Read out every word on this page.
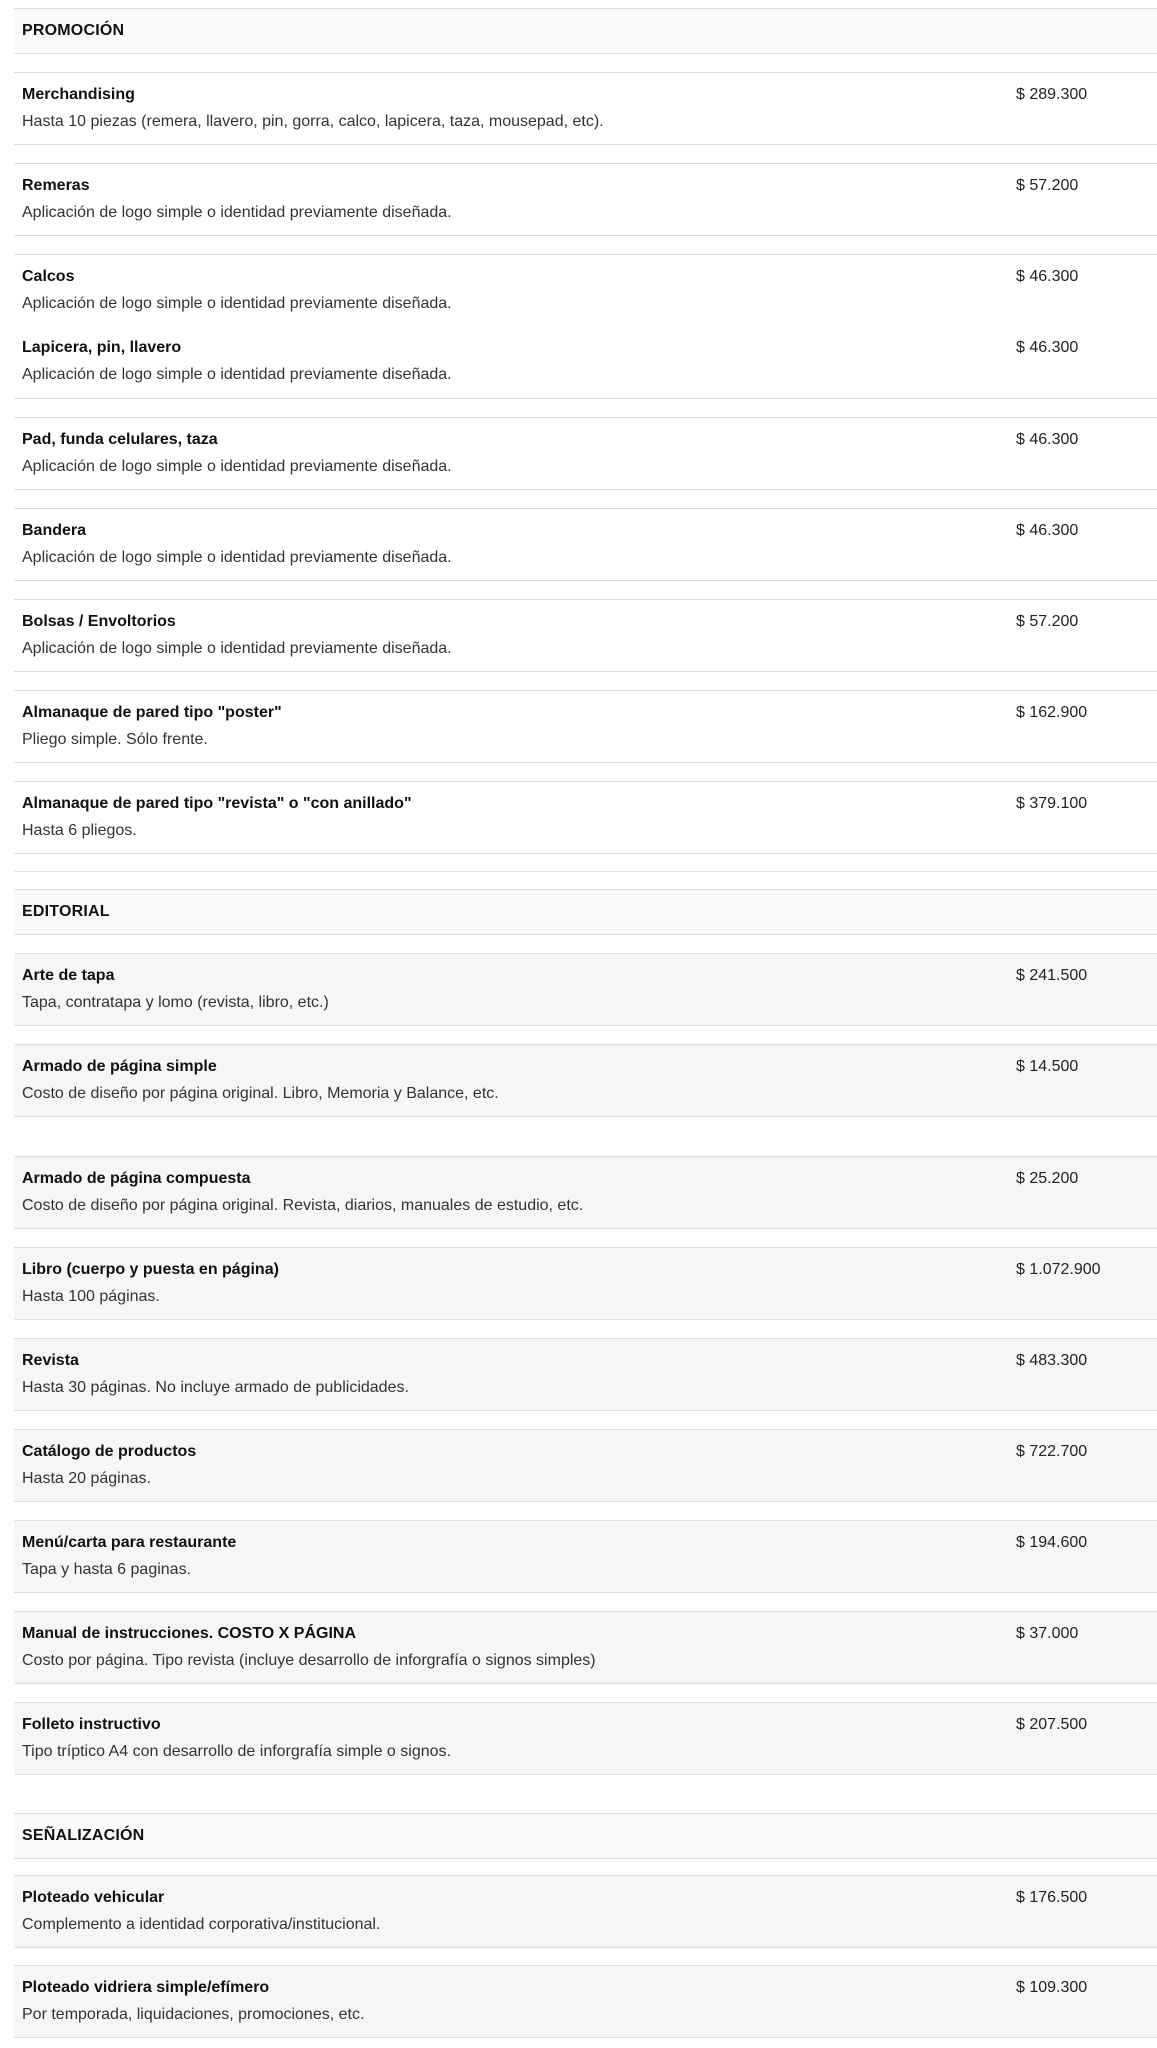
PROMOCIÓN
Merchandising
Hasta 10 piezas (remera, llavero, pin, gorra, calco, lapicera, taza, mousepad, etc).
$ 289.300
Remeras
Aplicación de logo simple o identidad previamente diseñada.
$ 57.200
Calcos
Aplicación de logo simple o identidad previamente diseñada.
$ 46.300
Lapicera, pin, llavero
Aplicación de logo simple o identidad previamente diseñada.
$ 46.300
Pad, funda celulares, taza
Aplicación de logo simple o identidad previamente diseñada.
$ 46.300
Bandera
Aplicación de logo simple o identidad previamente diseñada.
$ 46.300
Bolsas / Envoltorios
Aplicación de logo simple o identidad previamente diseñada.
$ 57.200
Almanaque de pared tipo "poster"
Pliego simple. Sólo frente.
$ 162.900
Almanaque de pared tipo "revista" o "con anillado"
Hasta 6 pliegos.
$ 379.100
EDITORIAL
Arte de tapa
Tapa, contratapa y lomo (revista, libro, etc.)
$ 241.500
Armado de página simple
Costo de diseño por página original. Libro, Memoria y Balance, etc.
$ 14.500
Armado de página compuesta
Costo de diseño por página original. Revista, diarios, manuales de estudio, etc.
$ 25.200
Libro (cuerpo y puesta en página)
Hasta 100 páginas.
$ 1.072.900
Revista
Hasta 30 páginas. No incluye armado de publicidades.
$ 483.300
Catálogo de productos
Hasta 20 páginas.
$ 722.700
Menú/carta para restaurante
Tapa y hasta 6 paginas.
$ 194.600
Manual de instrucciones. COSTO X PÁGINA
Costo por página. Tipo revista (incluye desarrollo de inforgrafía o signos simples)
$ 37.000
Folleto instructivo
Tipo tríptico A4 con desarrollo de inforgrafía simple o signos.
$ 207.500
SEÑALIZACIÓN
Ploteado vehicular
Complemento a identidad corporativa/institucional.
$ 176.500
Ploteado vidriera simple/efímero
Por temporada, liquidaciones, promociones, etc.
$ 109.300
